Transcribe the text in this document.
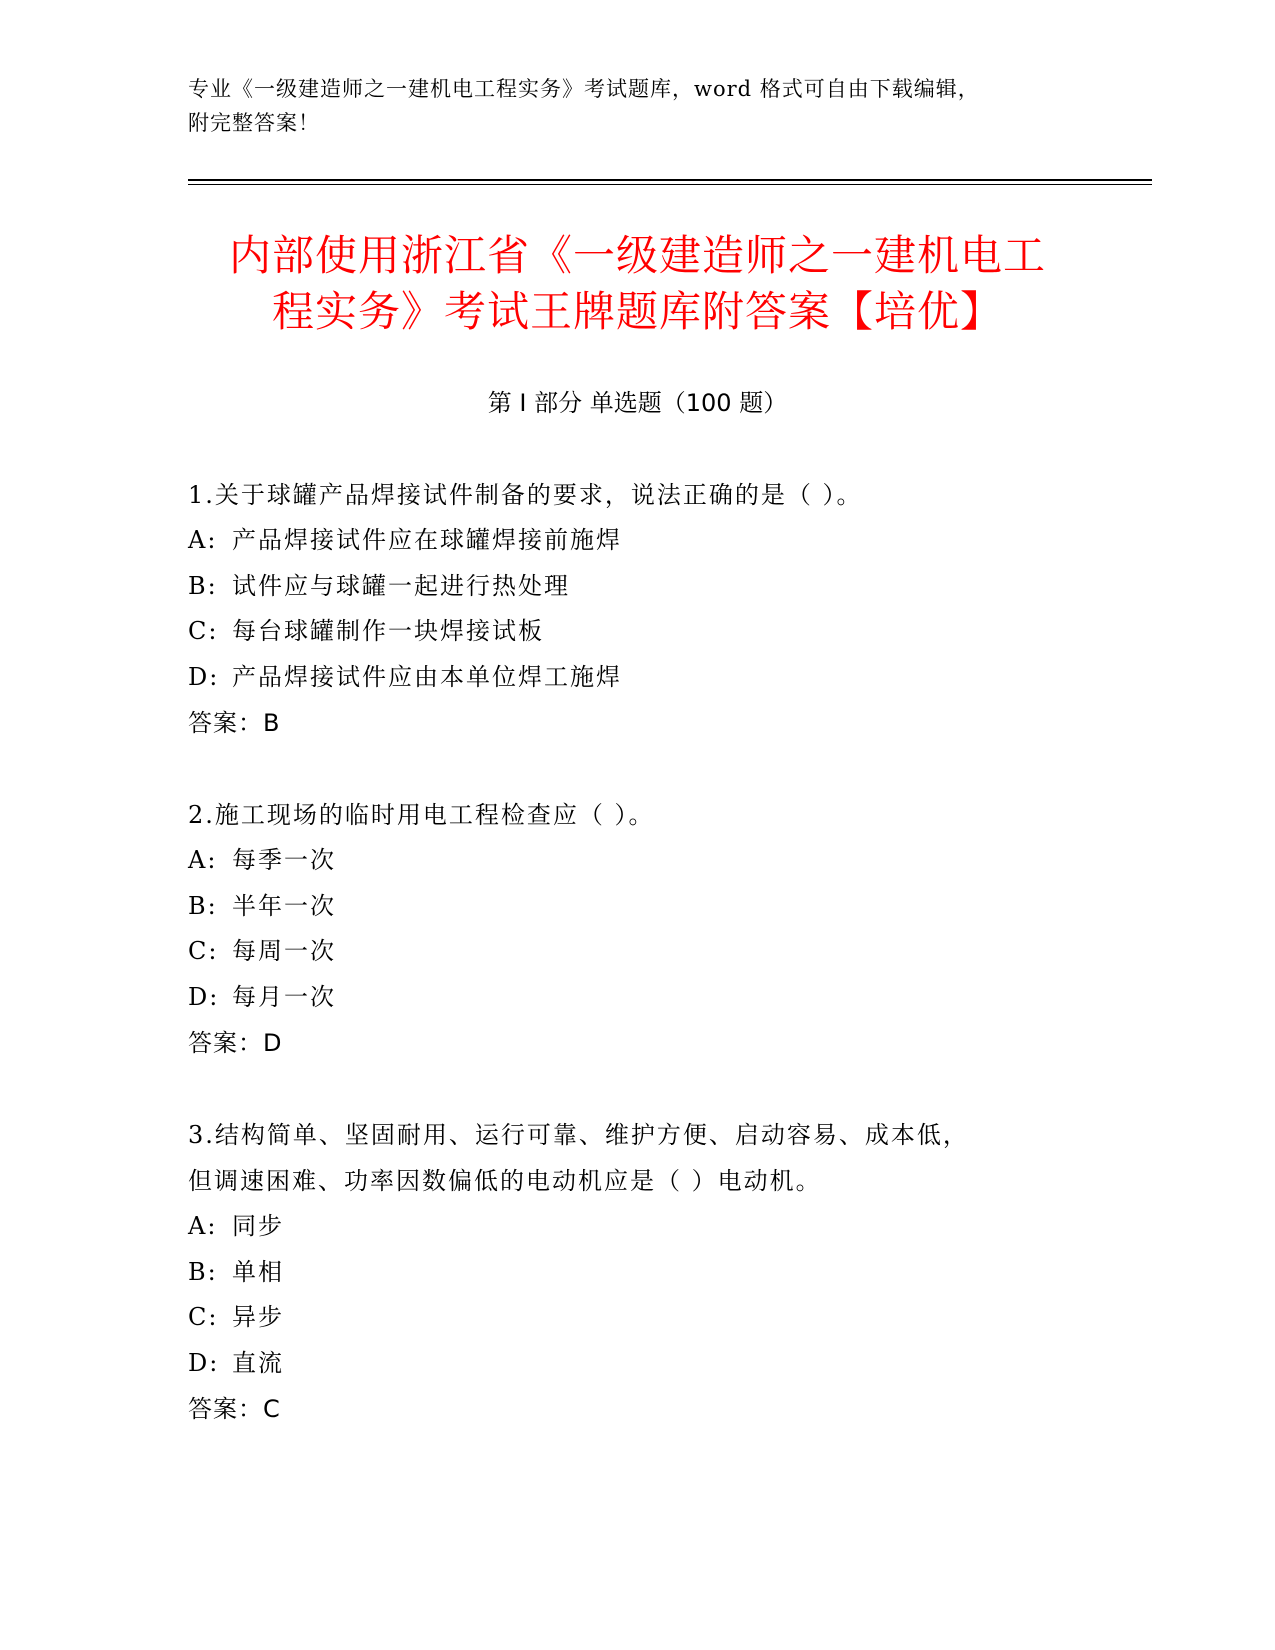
专业《一级建造师之一建机电工程实务》考试题库，word 格式可自由下载编辑，
附完整答案！
内部使用浙江省《一级建造师之一建机电工
程实务》考试王牌题库附答案【培优】
第 I 部分 单选题（100 题）
1.关于球罐产品焊接试件制备的要求，说法正确的是（ ）。
A: 产品焊接试件应在球罐焊接前施焊
B: 试件应与球罐一起进行热处理
C: 每台球罐制作一块焊接试板
D: 产品焊接试件应由本单位焊工施焊
答案：B
2.施工现场的临时用电工程检查应（ ）。
A: 每季一次
B: 半年一次
C: 每周一次
D: 每月一次
答案：D
3.结构简单、坚固耐用、运行可靠、维护方便、启动容易、成本低，
但调速困难、功率因数偏低的电动机应是（ ）电动机。
A: 同步
B: 单相
C: 异步
D: 直流
答案：C
